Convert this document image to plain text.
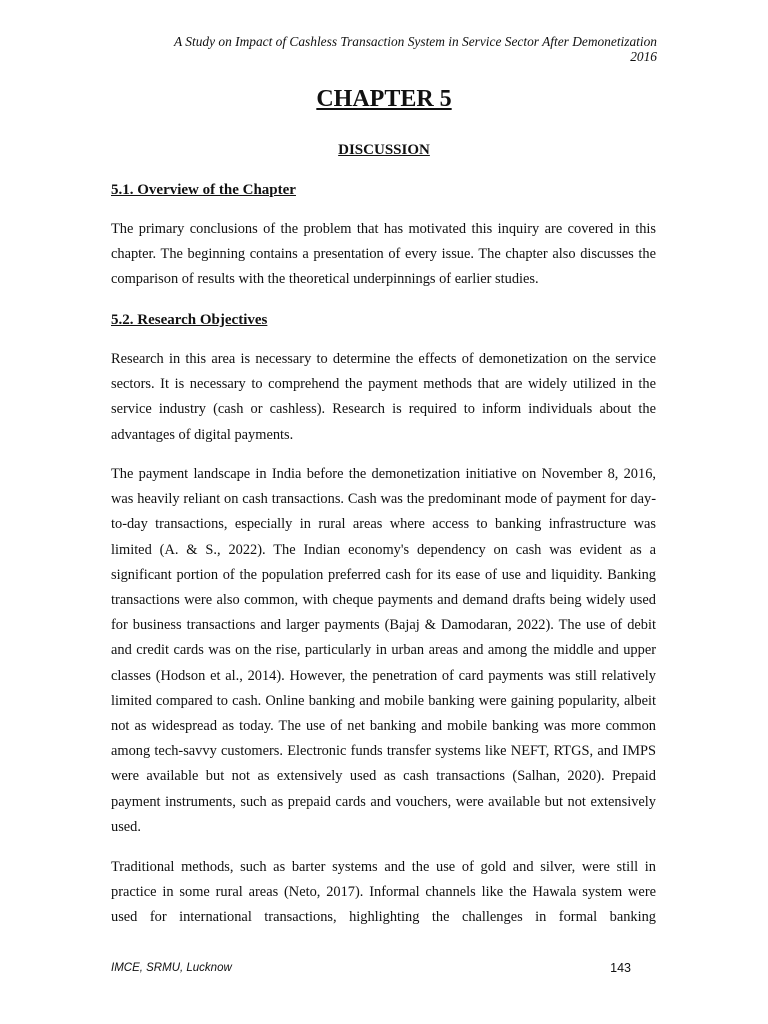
A Study on Impact of Cashless Transaction System in Service Sector After Demonetization
2016
CHAPTER 5
DISCUSSION
5.1. Overview of the Chapter

The primary conclusions of the problem that has motivated this inquiry are covered in this chapter. The beginning contains a presentation of every issue. The chapter also discusses the comparison of results with the theoretical underpinnings of earlier studies.

5.2. Research Objectives

Research in this area is necessary to determine the effects of demonetization on the service sectors. It is necessary to comprehend the payment methods that are widely utilized in the service industry (cash or cashless). Research is required to inform individuals about the advantages of digital payments.

The payment landscape in India before the demonetization initiative on November 8, 2016, was heavily reliant on cash transactions. Cash was the predominant mode of payment for day-to-day transactions, especially in rural areas where access to banking infrastructure was limited (A. & S., 2022). The Indian economy's dependency on cash was evident as a significant portion of the population preferred cash for its ease of use and liquidity. Banking transactions were also common, with cheque payments and demand drafts being widely used for business transactions and larger payments (Bajaj & Damodaran, 2022). The use of debit and credit cards was on the rise, particularly in urban areas and among the middle and upper classes (Hodson et al., 2014). However, the penetration of card payments was still relatively limited compared to cash. Online banking and mobile banking were gaining popularity, albeit not as widespread as today. The use of net banking and mobile banking was more common among tech-savvy customers. Electronic funds transfer systems like NEFT, RTGS, and IMPS were available but not as extensively used as cash transactions (Salhan, 2020). Prepaid payment instruments, such as prepaid cards and vouchers, were available but not extensively used.

Traditional methods, such as barter systems and the use of gold and silver, were still in practice in some rural areas (Neto, 2017). Informal channels like the Hawala system were used for international transactions, highlighting the challenges in formal banking

IMCE, SRMU, Lucknow	143
